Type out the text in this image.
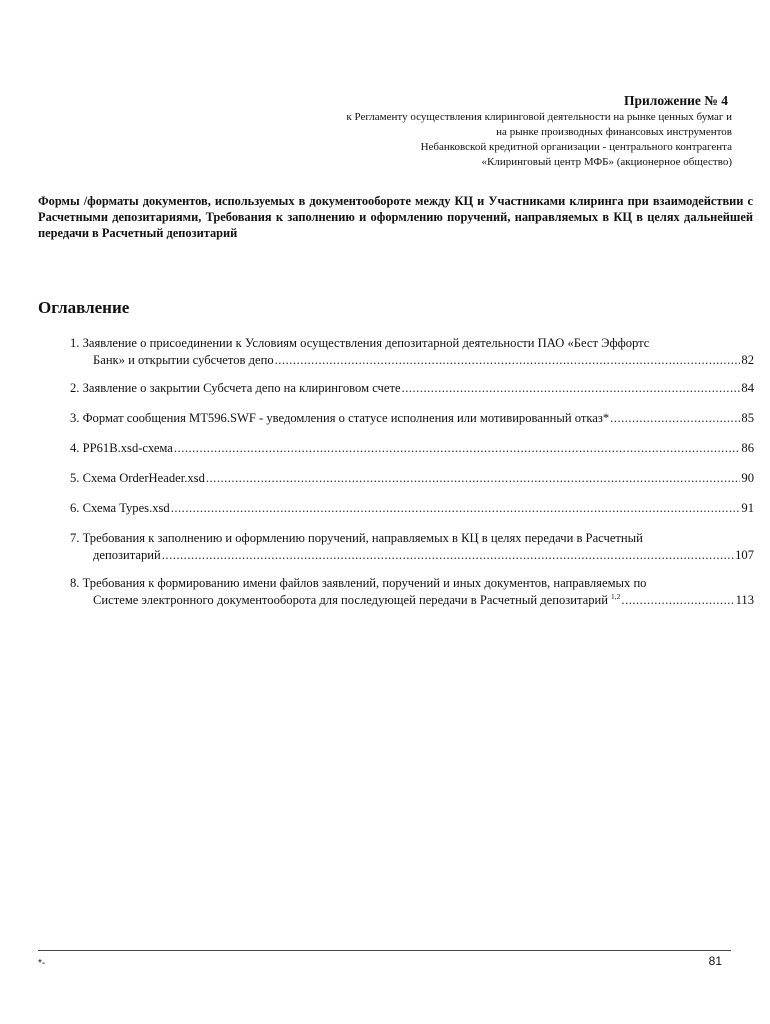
Приложение № 4
к Регламенту осуществления клиринговой деятельности на рынке ценных бумаг и
на рынке производных финансовых инструментов
Небанковской кредитной организации - центрального контрагента
«Клиринговый центр МФБ» (акционерное общество)
Формы /форматы документов, используемых в документообороте между КЦ и Участниками клиринга при взаимодействии с Расчетными депозитариями, Требования к заполнению и оформлению поручений, направляемых в КЦ в целях дальнейшей передачи в Расчетный депозитарий
Оглавление
1. Заявление о присоединении к Условиям осуществления депозитарной деятельности ПАО «Бест Эффортс
Банк» и открытии субсчетов депо .....	82
2. Заявление о закрытии Субсчета депо на клиринговом счете .....	84
3. Формат сообщения MT596.SWF - уведомления о статусе исполнения или мотивированный отказ* .....	85
4. PP61B.xsd-схема .....	86
5. Схема OrderHeader.xsd .....	90
6. Схема Types.xsd .....	91
7. Требования к заполнению и оформлению поручений, направляемых в КЦ в целях передачи в Расчетный
депозитарий .....	107
8. Требования к формированию имени файлов заявлений, поручений и иных документов, направляемых по
Системе электронного документооборота для последующей передачи в Расчетный депозитарий $^{1,2}$ .....	113
81
*-
